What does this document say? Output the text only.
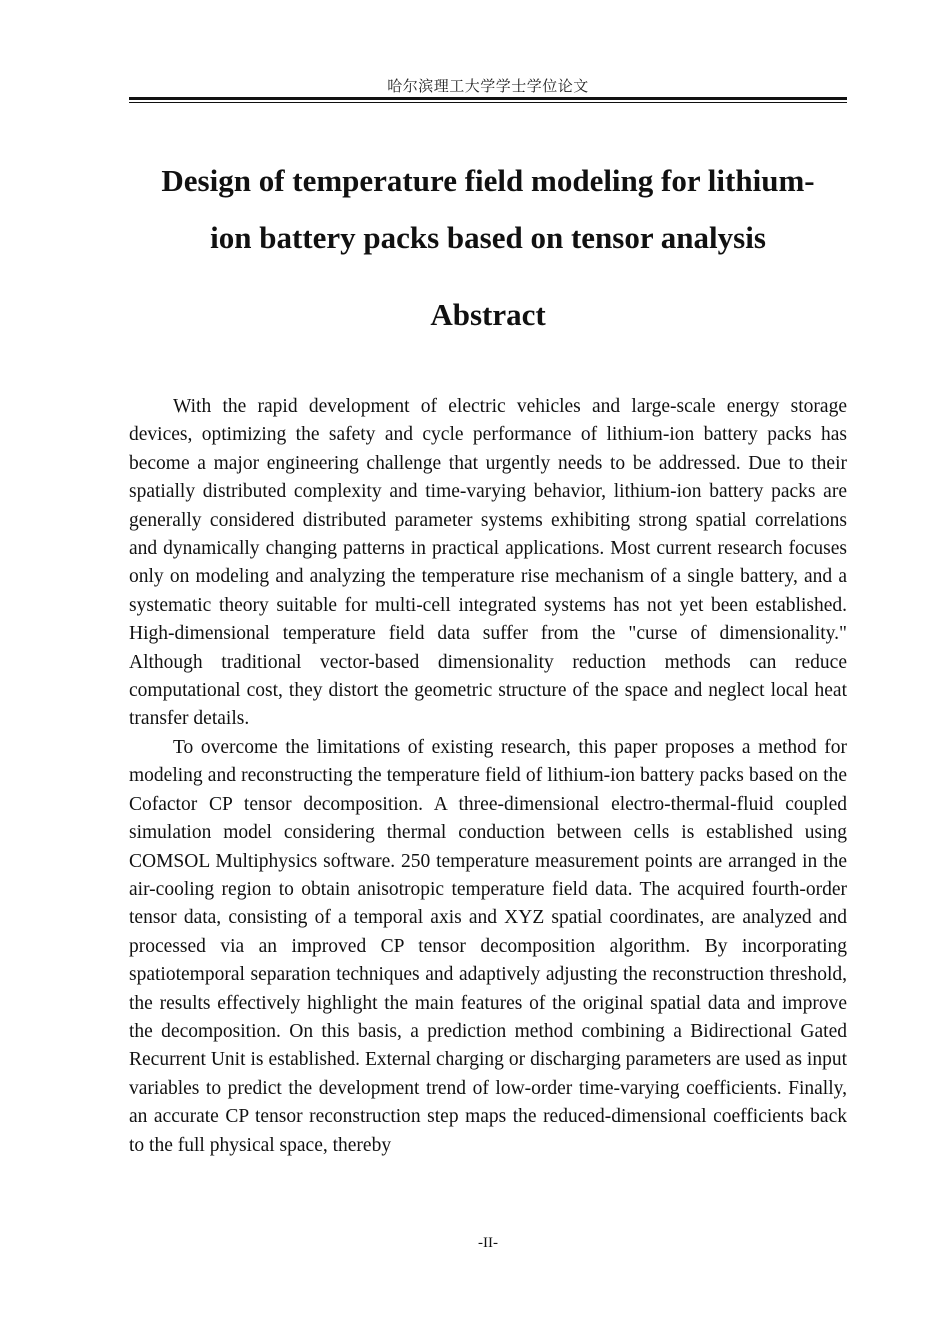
哈尔滨理工大学学士学位论文
Design of temperature field modeling for lithium-
ion battery packs based on tensor analysis
Abstract

With the rapid development of electric vehicles and large-scale energy storage devices, optimizing the safety and cycle performance of lithium-ion battery packs has become a major engineering challenge that urgently needs to be addressed. Due to their spatially distributed complexity and time-varying behavior, lithium-ion battery packs are generally considered distributed parameter systems exhibiting strong spatial correlations and dynamically changing patterns in practical applications. Most current research focuses only on modeling and analyzing the temperature rise mechanism of a single battery, and a systematic theory suitable for multi-cell integrated systems has not yet been established. High-dimensional temperature field data suffer from the "curse of dimensionality." Although traditional vector-based dimensionality reduction methods can reduce computational cost, they distort the geometric structure of the space and neglect local heat transfer details.

To overcome the limitations of existing research, this paper proposes a method for modeling and reconstructing the temperature field of lithium-ion battery packs based on the Cofactor CP tensor decomposition. A three-dimensional electro-thermal-fluid coupled simulation model considering thermal conduction between cells is established using COMSOL Multiphysics software. 250 temperature measurement points are arranged in the air-cooling region to obtain anisotropic temperature field data. The acquired fourth-order tensor data, consisting of a temporal axis and XYZ spatial coordinates, are analyzed and processed via an improved CP tensor decomposition algorithm. By incorporating spatiotemporal separation techniques and adaptively adjusting the reconstruction threshold, the results effectively highlight the main features of the original spatial data and improve the decomposition. On this basis, a prediction method combining a Bidirectional Gated Recurrent Unit is established. External charging or discharging parameters are used as input variables to predict the development trend of low-order time-varying coefficients. Finally, an accurate CP tensor reconstruction step maps the reduced-dimensional coefficients back to the full physical space, thereby

-II-
